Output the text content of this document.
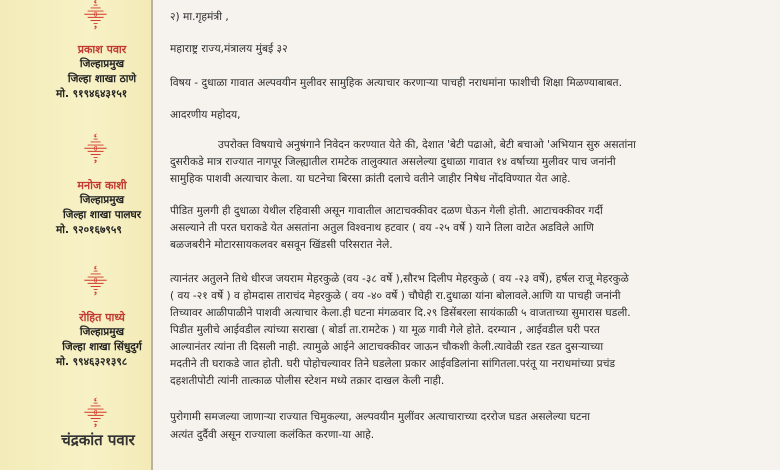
⸎
⸎
⸎
⸎
प्रकाश पवार
जिल्हाप्रमुख
जिल्हा शाखा ठाणे
मो. ९१९४६४३१५१
मनोज काशी
जिल्हाप्रमुख
जिल्हा शाखा पालघर
मो. ९२०१६७९५९
रोहित पाध्ये
जिल्हाप्रमुख
जिल्हा शाखा सिंधुदुर्ग
मो. ९९४६३२१३९८
चंद्रकांत पवार
२) मा.गृहमंत्री ,
महाराष्ट्र राज्य,मंत्रालय मुंबई ३२
विषय - दुधाळा गावात अल्पवयीन मुलीवर सामुहिक अत्याचार करणाऱ्या पाचही नराधमांना फाशीची शिक्षा मिळण्याबाबत.
आदरणीय महोदय,
उपरोक्त विषयाचे अनुषंगाने निवेदन करण्यात येते की, देशात 'बेटी पढाओ, बेटी बचाओ 'अभियान सुरु असतांना
दुसरीकडे मात्र राज्यात नागपूर जिल्ह्यातील रामटेक तालुक्यात असलेल्या दुधाळा गावात १४ वर्षाच्या मुलीवर पाच जनांनी
सामुहिक पाशवी अत्याचार केला. या घटनेचा बिरसा क्रांती दलाचे वतीने जाहीर निषेध नोंदविण्यात येत आहे.
पीडित मुलगी ही दुधाळा येथील रहिवासी असून गावातील आटाचक्कीवर दळण घेऊन गेली होती. आटाचक्कीवर गर्दी
असल्याने ती परत घराकडे येत असतांना अतुल विश्वनाथ हटवार ( वय -२५ वर्षे ) याने तिला वाटेत अडविले आणि
बळजबरीने मोटारसायकलवर बसवून खिंडसी परिसरात नेले.
त्यानंतर अतुलने तिथे धीरज जयराम मेहरकुळे (वय -३८ वर्षे ),सौरभ दिलीप मेहरकुळे ( वय -२३ वर्षे), हर्षल राजू मेहरकुळे
( वय -२१ वर्षे ) व होमदास ताराचंद मेहरकुळे ( वय -४० वर्षे ) चौघेही रा.दुधाळा यांना बोलावले.आणि या पाचही जनांनी
तिच्यावर आळीपाळीने पाशवी अत्याचार केला.ही घटना मंगळवार दि.२९ डिसेंबरला सायंकाळी ५ वाजताच्या सुमारास घडली.
पिडीत मुलीचे आईवडील त्यांच्या सराखा ( बोर्डा ता.रामटेक ) या मूळ गावी गेले होते. दरम्यान , आईवडील घरी परत
आल्यानंतर त्यांना ती दिसली नाही. त्यामुळे आईने आटाचक्कीवर जाऊन चौकशी केली.त्यावेळी रडत रडत दुसऱ्याच्या
मदतीने ती घराकडे जात होती. घरी पोहोचल्यावर तिने घडलेला प्रकार आईवडिलांना सांगितला.परंतू या नराधमांच्या प्रचंड
दहशतीपोटी त्यांनी तात्काळ पोलीस स्टेशन मध्ये तक्रार दाखल केली नाही.
पुरोगामी समजल्या जाणाऱ्या राज्यात चिमुकल्या, अल्पवयीन मुलींवर अत्याचाराच्या दररोज घडत असलेल्या घटना
अत्यंत दुर्दैवी असून राज्याला कलंकित करणा-या आहे.
